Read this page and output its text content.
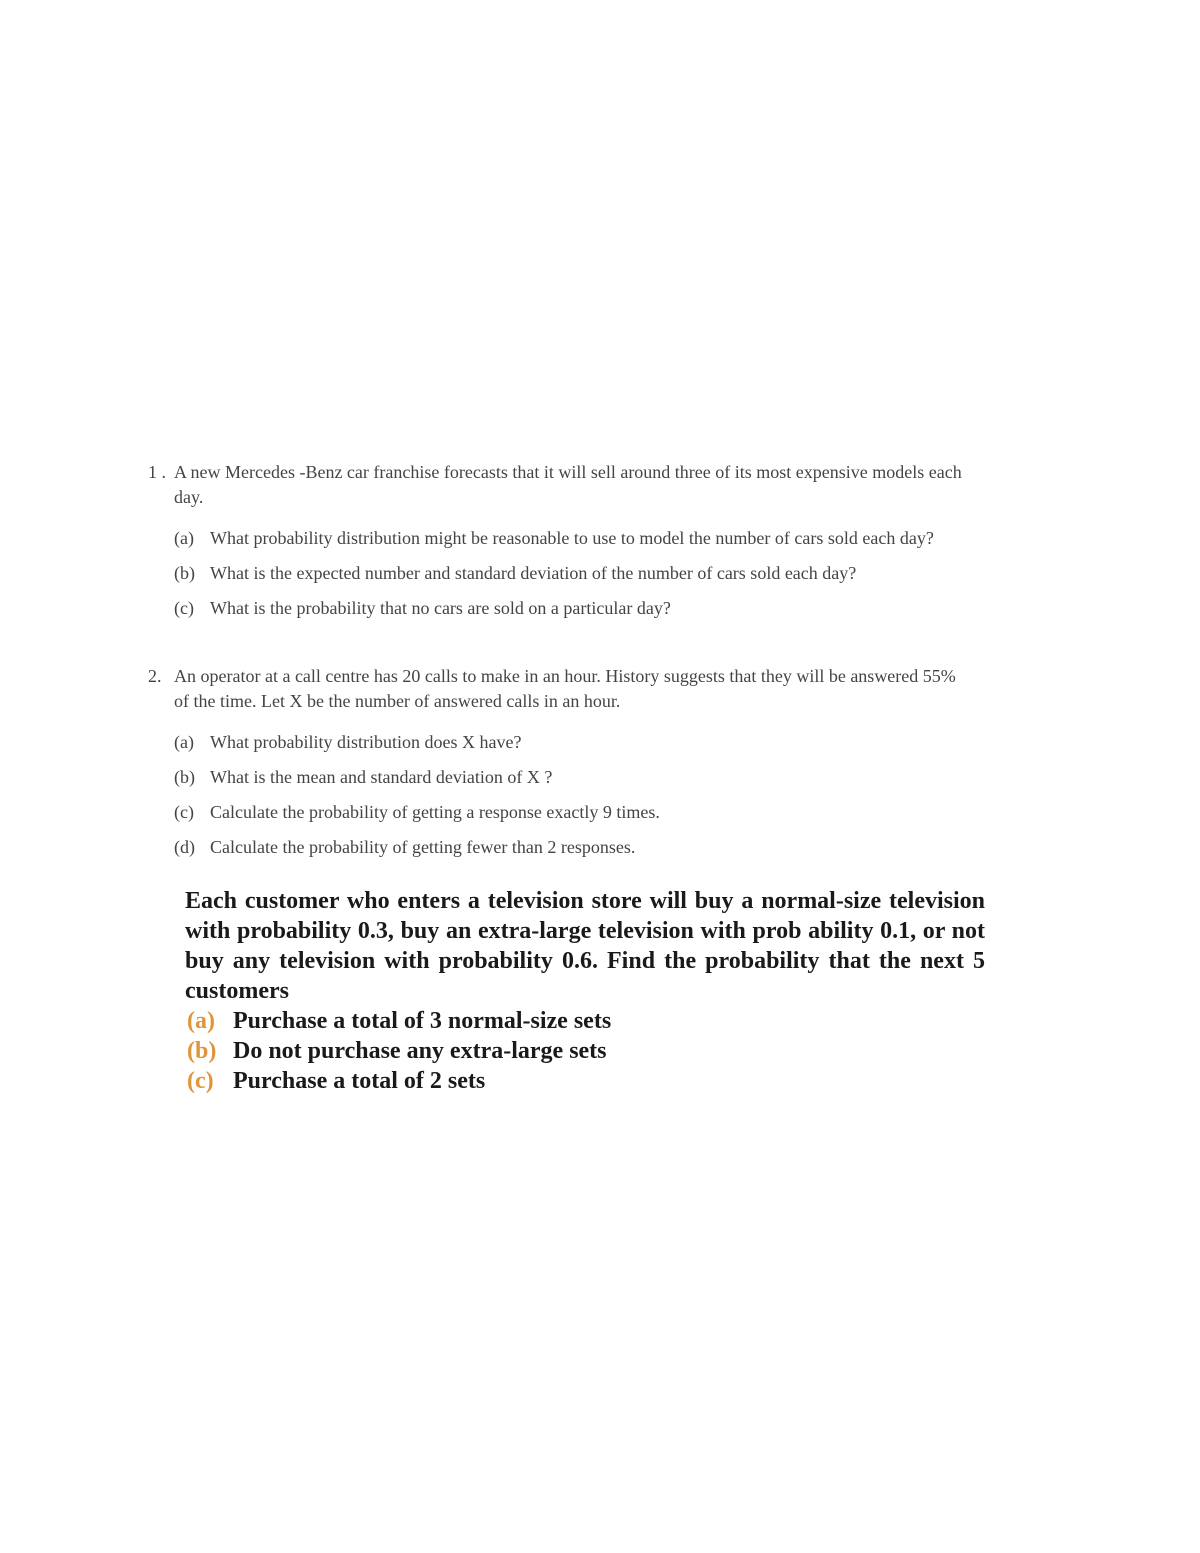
1 . A new Mercedes -Benz car franchise forecasts that it will sell around three of its most expensive models each day.
(a) What probability distribution might be reasonable to use to model the number of cars sold each day?
(b) What is the expected number and standard deviation of the number of cars sold each day?
(c) What is the probability that no cars are sold on a particular day?
2. An operator at a call centre has 20 calls to make in an hour. History suggests that they will be answered 55% of the time. Let X be the number of answered calls in an hour.
(a) What probability distribution does X have?
(b) What is the mean and standard deviation of X ?
(c) Calculate the probability of getting a response exactly 9 times.
(d) Calculate the probability of getting fewer than 2 responses.
Each customer who enters a television store will buy a normal-size television with probability 0.3, buy an extra-large television with prob ability 0.1, or not buy any television with probability 0.6. Find the probability that the next 5 customers
(a) Purchase a total of 3 normal-size sets
(b) Do not purchase any extra-large sets
(c) Purchase a total of 2 sets
